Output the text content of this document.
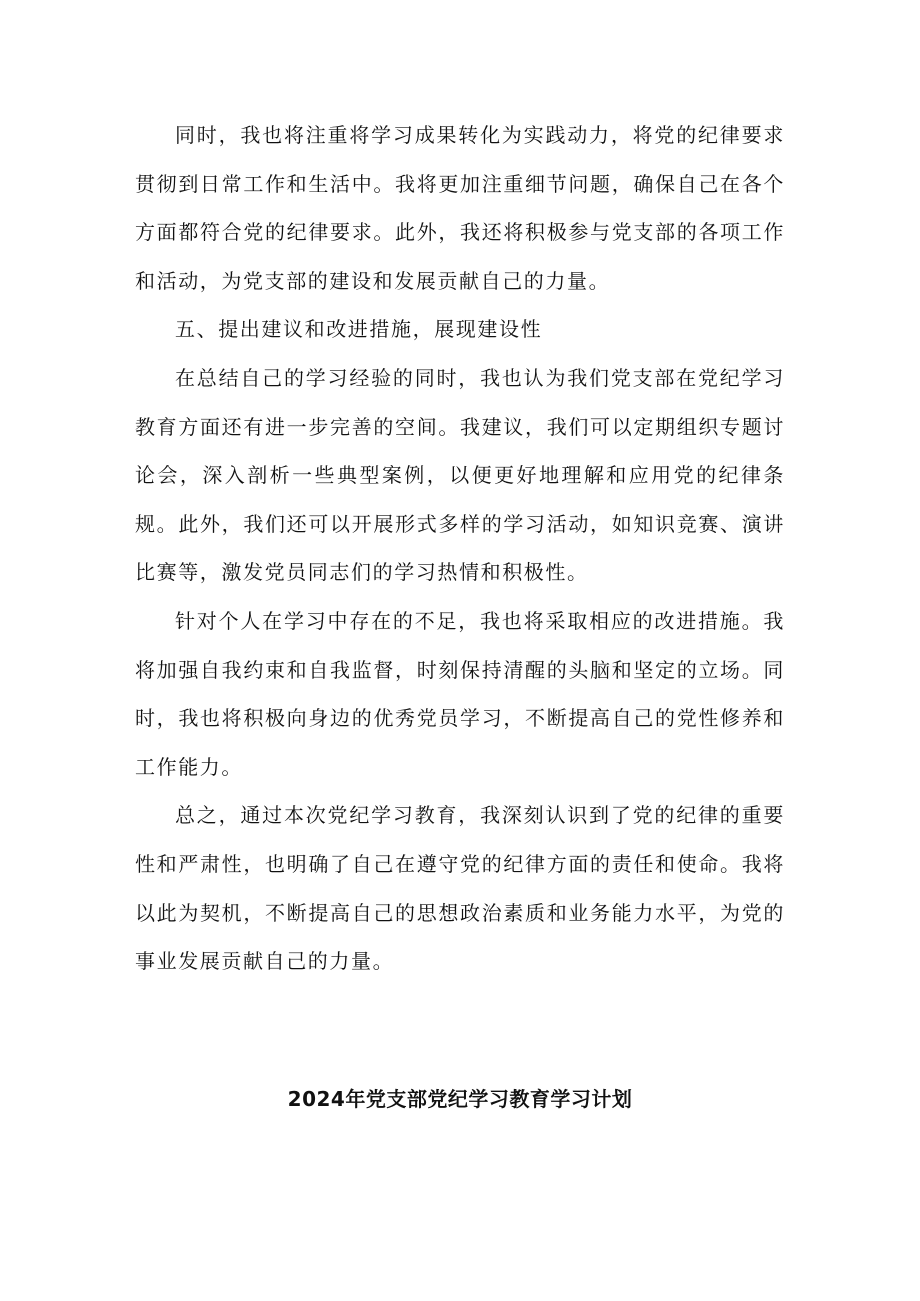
同时，我也将注重将学习成果转化为实践动力，将党的纪律要求贯彻到日常工作和生活中。我将更加注重细节问题，确保自己在各个方面都符合党的纪律要求。此外，我还将积极参与党支部的各项工作和活动，为党支部的建设和发展贡献自己的力量。

五、提出建议和改进措施，展现建设性

在总结自己的学习经验的同时，我也认为我们党支部在党纪学习教育方面还有进一步完善的空间。我建议，我们可以定期组织专题讨论会，深入剖析一些典型案例，以便更好地理解和应用党的纪律条规。此外，我们还可以开展形式多样的学习活动，如知识竞赛、演讲比赛等，激发党员同志们的学习热情和积极性。

针对个人在学习中存在的不足，我也将采取相应的改进措施。我将加强自我约束和自我监督，时刻保持清醒的头脑和坚定的立场。同时，我也将积极向身边的优秀党员学习，不断提高自己的党性修养和工作能力。

总之，通过本次党纪学习教育，我深刻认识到了党的纪律的重要性和严肃性，也明确了自己在遵守党的纪律方面的责任和使命。我将以此为契机，不断提高自己的思想政治素质和业务能力水平，为党的事业发展贡献自己的力量。

2024年党支部党纪学习教育学习计划
